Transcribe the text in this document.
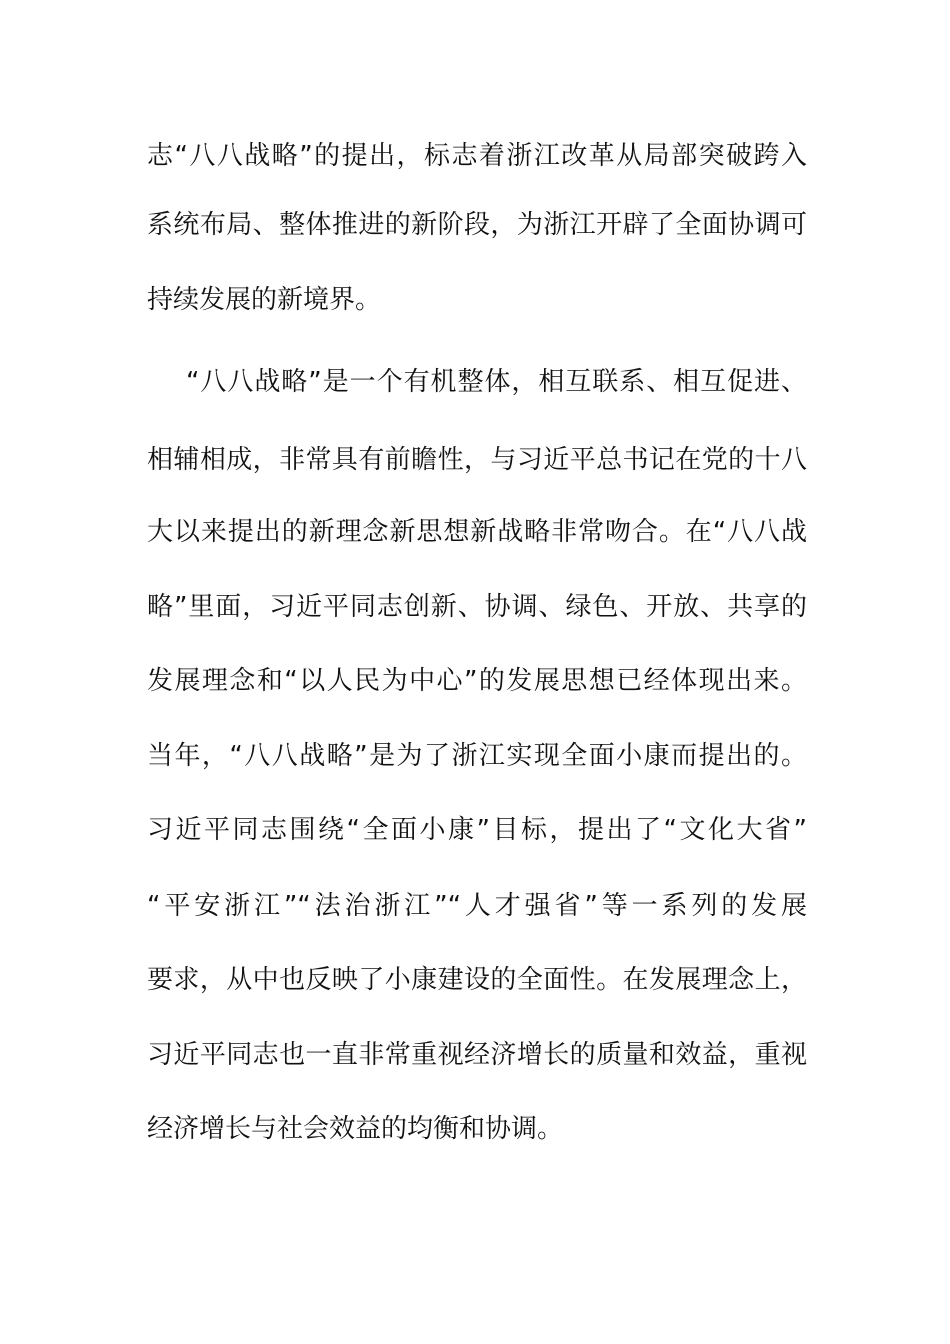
志“八八战略”的提出，标志着浙江改革从局部突破跨入
系统布局、整体推进的新阶段，为浙江开辟了全面协调可
持续发展的新境界。
“八八战略”是一个有机整体，相互联系、相互促进、
相辅相成，非常具有前瞻性，与习近平总书记在党的十八
大以来提出的新理念新思想新战略非常吻合。在“八八战
略”里面，习近平同志创新、协调、绿色、开放、共享的
发展理念和“以人民为中心”的发展思想已经体现出来。
当年，“八八战略”是为了浙江实现全面小康而提出的。
习近平同志围绕“全面小康”目标，提出了“文化大省”
“平安浙江”“法治浙江”“人才强省”等一系列的发展
要求，从中也反映了小康建设的全面性。在发展理念上，
习近平同志也一直非常重视经济增长的质量和效益，重视
经济增长与社会效益的均衡和协调。
